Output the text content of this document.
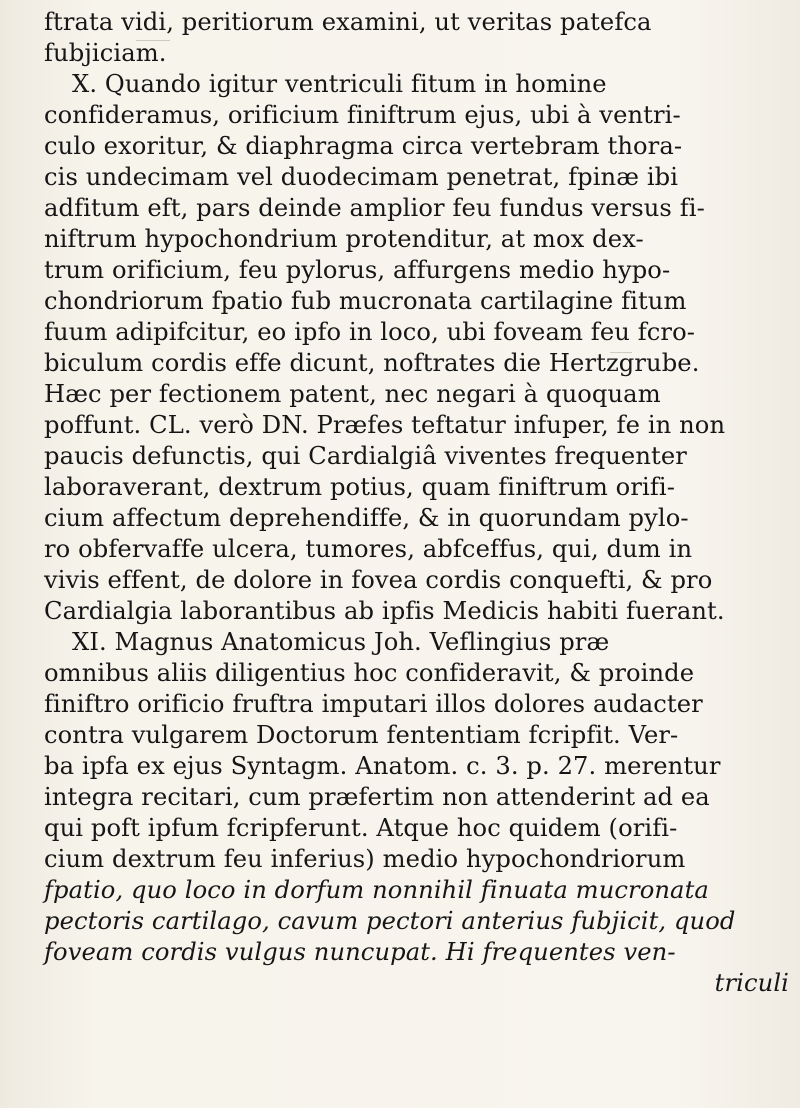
ftrata vidi, peritiorum examini, ut veritas patefca
fubjiciam.
X. Quando igitur ventriculi fitum in homine
confideramus, orificium finiftrum ejus, ubi à ventri-
culo exoritur, & diaphragma circa vertebram thora-
cis undecimam vel duodecimam penetrat, fpinæ ibi
adfitum eft, pars deinde amplior feu fundus versus fi-
niftrum hypochondrium protenditur, at mox dex-
trum orificium, feu pylorus, affurgens medio hypo-
chondriorum fpatio fub mucronata cartilagine fitum
fuum adipifcitur, eo ipfo in loco, ubi foveam feu fcro-
biculum cordis effe dicunt, noftrates die Hertzgrube.
Hæc per fectionem patent, nec negari à quoquam
poffunt. CL. verò DN. Præfes teftatur infuper, fe in non
paucis defunctis, qui Cardialgiâ viventes frequenter
laboraverant, dextrum potius, quam finiftrum orifi-
cium affectum deprehendiffe, & in quorundam pylo-
ro obfervaffe ulcera, tumores, abfceffus, qui, dum in
vivis effent, de dolore in fovea cordis conquefti, & pro
Cardialgia laborantibus ab ipfis Medicis habiti fuerant.
XI. Magnus Anatomicus Joh. Veflingius præ
omnibus aliis diligentius hoc confideravit, & proinde
finiftro orificio fruftra imputari illos dolores audacter
contra vulgarem Doctorum fententiam fcripfit. Ver-
ba ipfa ex ejus Syntagm. Anatom. c. 3. p. 27. merentur
integra recitari, cum præfertim non attenderint ad ea
qui poft ipfum fcripferunt. Atque hoc quidem (orifi-
cium dextrum feu inferius) medio hypochondriorum
fpatio, quo loco in dorfum nonnihil finuata mucronata
pectoris cartilago, cavum pectori anterius fubjicit, quod
foveam cordis vulgus nuncupat. Hi frequentes ven-
triculi
